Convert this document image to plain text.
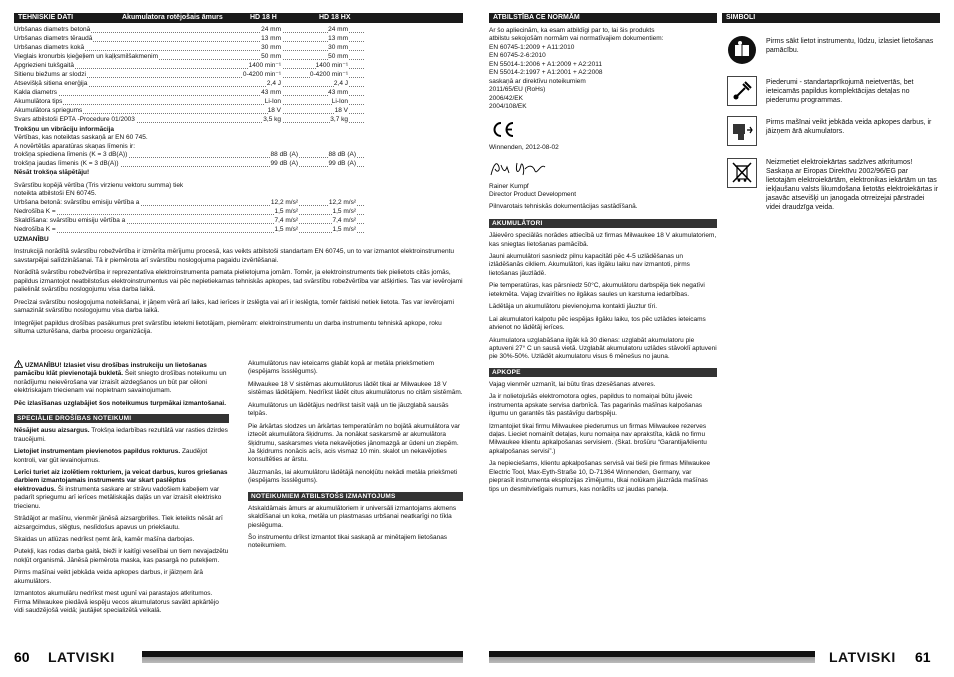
TEHNISKIE DATI	Akumulatora rotējošais āmurs	HD 18 H	HD 18 HX
Urbšanas diametrs betonā	24 mm	24 mm
Urbšanas diametrs tēraudā	13 mm	13 mm
Urbšanas diametrs kokā	30 mm	30 mm
Vieglais kronurbis ķieģeļiem un kaļķsmilšakmenim	50 mm	50 mm
Apgriezieni tukšgaitā	1400 min⁻¹	1400 min⁻¹
Sitienu biežums ar slodzi	0-4200 min⁻¹	0-4200 min⁻¹
Atsevišķā sitiena enerģija	2,4 J	2,4 J
Kakla diametrs	43 mm	43 mm
Akumulātora tips	Li-Ion	Li-Ion
Akumulātora spriegums	18 V	18 V
Svars atbilstoši EPTA -Procedure 01/2003	3,5 kg	3,7 kg
Trokšņu un vibrāciju informācija
Vērtības, kas noteiktas saskaņā ar EN 60 745.
A novērtētās aparatūras skaņas līmenis ir:
trokšņa spiediena līmenis (K = 3 dB(A))	88 dB (A)	88 dB (A)
trokšņa jaudas līmenis (K = 3 dB(A))	99 dB (A)	99 dB (A)
Nēsāt trokšņa slāpētāju!
Svārstību kopējā vērtība (Tris virzienu vektoru summa) tiek
noteikta atbilstoši EN 60745.
Urbšana betonā: svārstību emisiju vērtība a	12,2 m/s²	12,2 m/s²
Nedrošība K =	1,5 m/s²	1,5 m/s²
Skaldīšana: svārstību emisiju vērtība a	7,4 m/s²	7,4 m/s²
Nedrošība K =	1,5 m/s²	1,5 m/s²
UZMANĪBU

Instrukcijā norādītā svārstību robežvērtība ir izmērīta mērījumu procesā, kas veikts atbilstoši standartam EN 60745, un to var izmantot elektroinstrumentu savstarpējai salīdzināšanai. Tā ir piemērota arī svārstību noslogojuma pagaidu izvērtēšanai.

Norādītā svārstību robežvērtība ir reprezentatīva elektroinstrumenta pamata pielietojuma jomām. Tomēr, ja elektroinstruments tiek pielietots citās jomās, papildus izmantojot neatbilstošus elektroinstrumentus vai pēc nepietiekamas tehniskās apkopes, tad svārstību robežvērtība var atšķirties. Tas var ievērojami palielināt svārstību noslogojumu visa darba laikā.

Precīzai svārstību noslogojuma noteikšanai, ir jāņem vērā arī laiks, kad ierīces ir izslēgta vai arī ir ieslēgta, tomēr faktiski netiek lietota. Tas var ievērojami samazināt svārstību noslogojumu visa darba laikā.

Integrējiet papildus drošības pasākumus pret svārstību ietekmi lietotājam, piemēram: elektroinstrumentu un darba instrumentu tehniskā apkope, roku siltuma uzturēšana, darba procesu organizācija.

UZMANĪBU! Izlasiet visu drošības instrukciju un lietošanas pamācību klāt pievienotajā bukletā. Šeit sniegto drošības noteikumu un norādījumu neievērošana var izraisīt aizdegšanos un būt par cēloni elektriskajam triecienam vai nopietnam savainojumam.

Pēc izlasīšanas uzglabājiet šos noteikumus turpmākai izmantošanai.

SPECIĀLIE DROŠĪBAS NOTEIKUMI

Nēsājiet ausu aizsargus. Trokšņa iedarbības rezultātā var rasties dzirdes traucējumi.

Lietojiet instrumentam pievienotos papildus rokturus. Zaudējot kontroli, var gūt ievainojumus.

Lerīci turiet aiz izolētiem rokturiem, ja veicat darbus, kuros griešanas darbiem izmantojamais instruments var skart paslēptus elektrovadus. Ši instrumenta saskare ar strāvu vadošiem kabeļiem var padarīt spriegumu arī ierīces metāliskajās daļās un var izraisīt elektrisko triecienu.

Strādājot ar mašīnu, vienmēr jānēsā aizsargbrilles. Tiek ieteikts nēsāt arī aizsargcimdus, slēgtus, neslīdošus apavus un priekšautu.

Skaidas un atlūzas nedrīkst ņemt ārā, kamēr mašīna darbojas.

Putekļi, kas rodas darba gaitā, bieži ir kaitīgi veselībai un tiem nevajadzētu nokļūt organismā. Jānēsā piemērota maska, kas pasargā no putekļiem.

Pirms mašīnai veikt jebkāda veida apkopes darbus, ir jāizņem ārā akumulātors.

Izmantotos akumulāru nedrīkst mest ugunī vai parastajos atkritumos. Firma Milwaukee piedāvā iespēju vecos akumulatorus savākt apkārtējo vidi saudzējošā veidā; jautājiet specializētā veikalā.

Akumulātorus nav ieteicams glabāt kopā ar metāla priekšmetiem (iespējams īssslēgums).

Milwaukee 18 V sistēmas akumulātorus lādēt tikai ar Milwaukee 18 V sistēmas lādētājiem. Nedrīkst lādēt citus akumulātorus no citām sistēmām.

Akumulātorus un lādētājus nedrīkst taisīt vaļā un tie jāuzglabā sausās telpās.

Pie ārkārtas slodzes un ārkārtas temperatūrām no bojātā akumulātora var iztecēt akumulātora šķidrums. Ja nonākat saskarsmē ar akumulātora šķidrumu, saskarsmes vieta nekavējoties jānomazgā ar ūdeni un ziepēm. Ja šķidrums nonācis acīs, acis vismaz 10 min. skalot un nekavējoties konsultēties ar ārstu.

Jāuzmanās, lai akumulātoru lādētājā nenokļūtu nekādi metāla priekšmeti (iespējams īssslēgums).

NOTEIKUMIEM ATBILSTOŠS IZMANTOJUMS

Atskaldāmais āmurs ar akumulātoriem ir universāli izmantojams akmens skaldīšanai un koka, metāla un plastmasas urbšanai neatkarīgi no tīkla pieslēguma.

Šo instrumentu drīkst izmantot tikai saskaņā ar minētajiem lietošanas noteikumiem.

60 LATVISKI
ATBILSTĪBA CE NORMĀM
Ar šo apliecinām, ka esam atbildīgi par to, lai šis produkts
atbilstu sekojošām normām vai normatīvajiem dokumentiem:
EN 60745-1:2009 + A11:2010
EN 60745-2-6:2010
EN 55014-1:2006 + A1:2009 + A2:2011
EN 55014-2:1997 + A1:2001 + A2:2008
saskaņā ar direktīvu noteikumiem
2011/65/EU (RoHs)
2006/42/EK
2004/108/EK
Winnenden, 2012-08-02
Rainer Kumpf
Director Product Development
Pilnvarotais tehniskās dokumentācijas sastādīšanā.
AKUMULĀTORI

Jāievēro speciālās norādes attiecībā uz firmas Milwaukee 18 V akumulatoriem, kas sniegtas lietošanas pamācībā.

Jauni akumulātori sasniedz pilnu kapacitāti pēc 4-5 uzlādēšanas un izlādēšanās cikliem. Akumulātori, kas ilgāku laiku nav izmantoti, pirms lietošanas jāuzlādē.

Pie temperatūras, kas pārsniedz 50°C, akumulātoru darbspēja tiek negatīvi ietekmēta. Vajag izvairīties no ilgākas saules un karstuma iedarbības.

Lādētāja un akumulātoru pievienojuma kontakti jāuztur tīri.

Lai akumulatori kalpotu pēc iespējas ilgāku laiku, tos pēc uzlādes ieteicams atvienot no lādētāj ierīces.

Akumulatora uzglabāšana ilgāk kā 30 dienas: uzglabāt akumulatoru pie aptuveni 27° C un sausā vietā. Uzglabāt akumulatoru uzlādes stāvoklī aptuveni pie 30%-50%. Uzlādēt akumulatoru visus 6 mēnešus no jauna.

APKOPE

Vajag vienmēr uzmanīt, lai būtu tīras dzesēšanas atveres.

Ja ir nolietojušās elektromotora ogles, papildus to nomaiņai būtu jāveic instrumenta apskate servisa darbnīcā. Tas pagarinās mašīnas kalpošanas ilgumu un garantēs tās pastāvīgu darbspēju.

Izmantojiet tikai firmu Milwaukee piederumus un firmas Milwaukee rezerves daļas. Lieciet nomainīt detaļas, kuru nomaiņa nav aprakstīta, kādā no firmu Milwaukee klientu apkalpošanas servisiem. (Skat. brošūru “Garantija/klientu apkalpošanas servisi”.)

Ja nepieciešams, klientu apkalpošanas servisā vai tieši pie firmas Milwaukee Electric Tool, Max-Eyth-Straße 10, D-71364 Winnenden, Germany, var pieprasīt instrumenta eksplozijas zīmējumu, tikai nolūkam jāuzrāda mašīnas tips un desmitvietīgais numurs, kas norādīts uz jaudas paneļa.

SIMBOLI
Pirms sākt lietot instrumentu, lūdzu, izlasiet lietošanas pamācību.
Piederumi - standartaprīkojumā neietvertās, bet ieteicamās papildus komplektācijas detaļas no piederumu programmas.
Pirms mašīnai veikt jebkāda veida apkopes darbus, ir jāizņem ārā akumulators.
Neizmetiet elektroiekārtas sadzīves atkritumos! Saskaņa ar Eiropas Direktīvu 2002/96/EG par lietotajām elektroiekārtām, elektronikas iekārtām un tas iekļaušanu valsts likumdošana lietotās elektroiekārtas ir jasavāc atsevišķi un janogada otrreizejai pārstradei videi draudzīga veida.
LATVISKI 61
